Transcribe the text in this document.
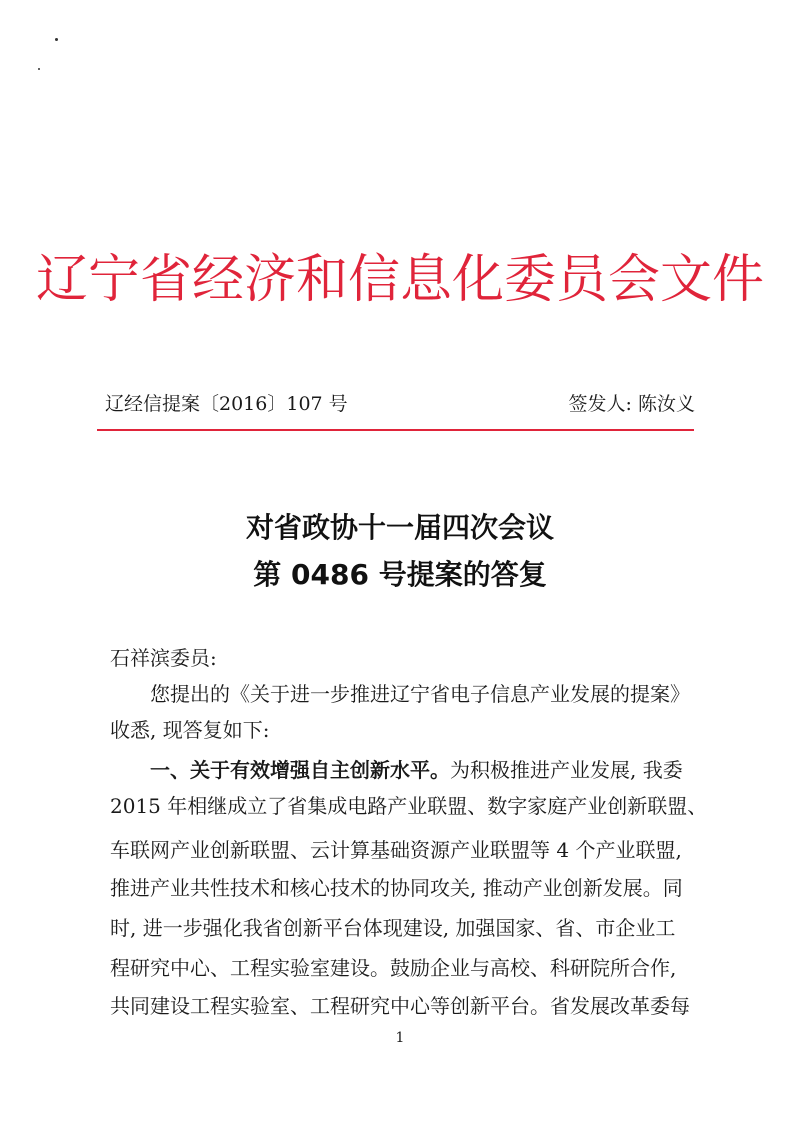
辽宁省经济和信息化委员会文件
辽经信提案〔2016〕107 号	签发人: 陈汝义
对省政协十一届四次会议
第 0486 号提案的答复
石祥滨委员:
您提出的《关于进一步推进辽宁省电子信息产业发展的提案》
收悉, 现答复如下:
一、关于有效增强自主创新水平。为积极推进产业发展, 我委
2015 年相继成立了省集成电路产业联盟、数字家庭产业创新联盟、
车联网产业创新联盟、云计算基础资源产业联盟等 4 个产业联盟,
推进产业共性技术和核心技术的协同攻关, 推动产业创新发展。同
时, 进一步强化我省创新平台体现建设, 加强国家、省、市企业工
程研究中心、工程实验室建设。鼓励企业与高校、科研院所合作,
共同建设工程实验室、工程研究中心等创新平台。省发展改革委每
1
